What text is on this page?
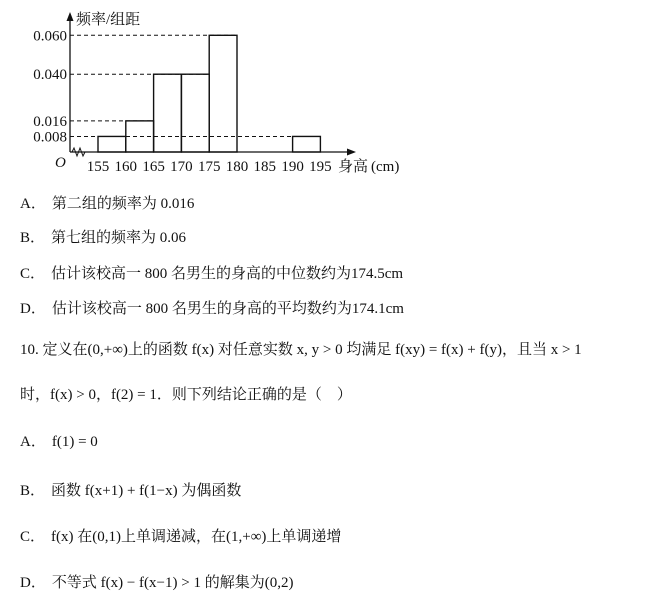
0.060
0.040
0.016
0.008
155 160 165 170 175 180 185 190 195
频率/组距
O	身高 (cm)
A． 第二组的频率为 0.016
B． 第七组的频率为 0.06
C． 估计该校高一 800 名男生的身高的中位数约为174.5cm
D． 估计该校高一 800 名男生的身高的平均数约为174.1cm
10. 定义在(0,+∞)上的函数 f(x) 对任意实数 x, y > 0 均满足 f(xy) = f(x) + f(y)，且当 x > 1
时，f(x) > 0，f(2) = 1．则下列结论正确的是（　）
A． f(1) = 0
B． 函数 f(x+1) + f(1−x) 为偶函数
C． f(x) 在(0,1)上单调递减，在(1,+∞)上单调递增
D． 不等式 f(x) − f(x−1) > 1 的解集为(0,2)
